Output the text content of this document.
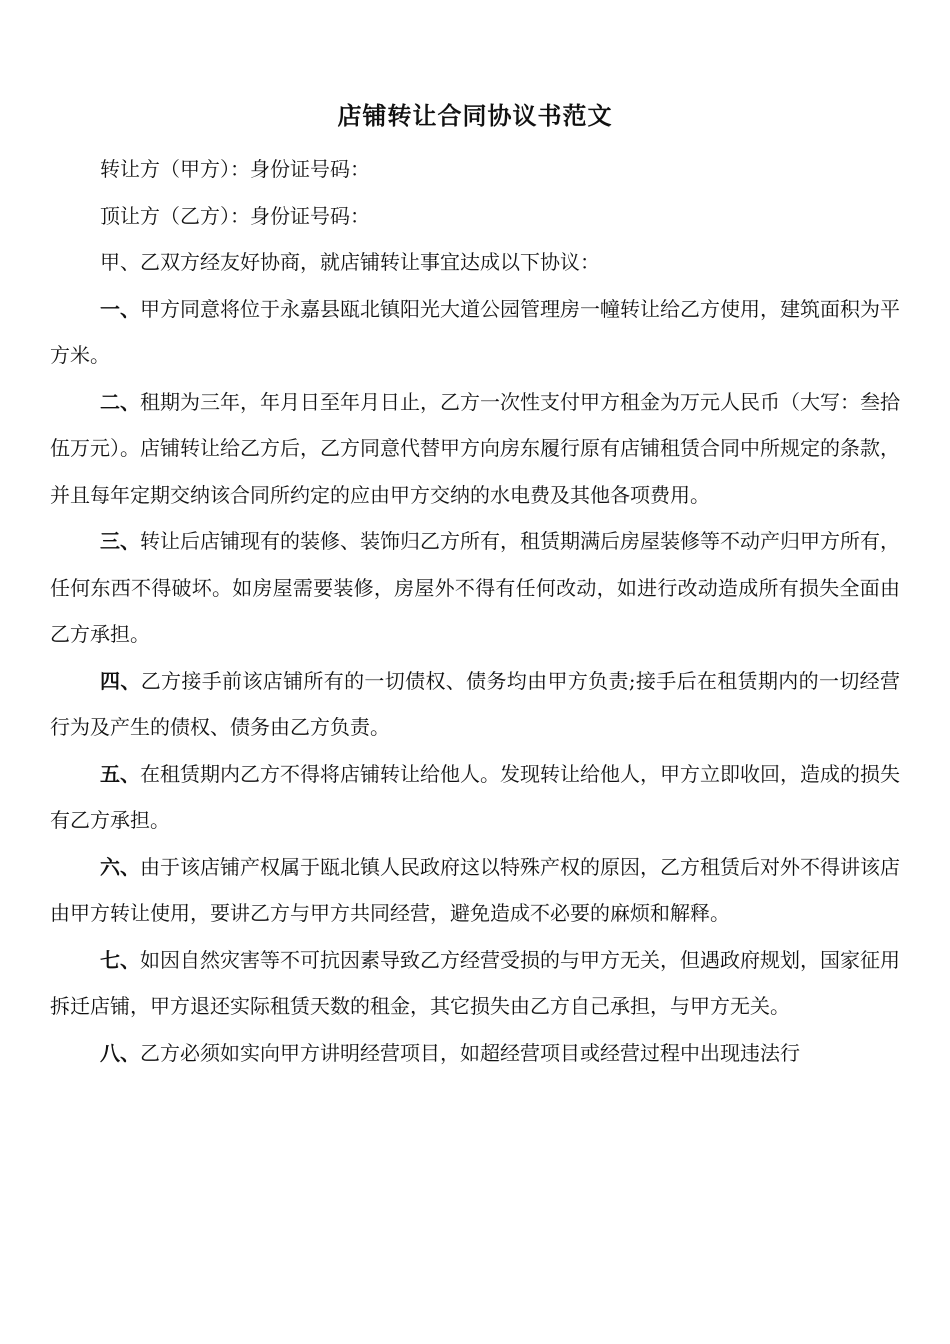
店铺转让合同协议书范文

转让方（甲方）：身份证号码：

顶让方（乙方）：身份证号码：

甲、乙双方经友好协商，就店铺转让事宜达成以下协议：

一、甲方同意将位于永嘉县瓯北镇阳光大道公园管理房一幢转让给乙方使用，建筑面积为平方米。

二、租期为三年，年月日至年月日止，乙方一次性支付甲方租金为万元人民币（大写：叁拾伍万元）。店铺转让给乙方后，乙方同意代替甲方向房东履行原有店铺租赁合同中所规定的条款，并且每年定期交纳该合同所约定的应由甲方交纳的水电费及其他各项费用。

三、转让后店铺现有的装修、装饰归乙方所有，租赁期满后房屋装修等不动产归甲方所有，任何东西不得破坏。如房屋需要装修，房屋外不得有任何改动，如进行改动造成所有损失全面由乙方承担。

四、乙方接手前该店铺所有的一切债权、债务均由甲方负责;接手后在租赁期内的一切经营行为及产生的债权、债务由乙方负责。

五、在租赁期内乙方不得将店铺转让给他人。发现转让给他人，甲方立即收回，造成的损失有乙方承担。

六、由于该店铺产权属于瓯北镇人民政府这以特殊产权的原因，乙方租赁后对外不得讲该店由甲方转让使用，要讲乙方与甲方共同经营，避免造成不必要的麻烦和解释。

七、如因自然灾害等不可抗因素导致乙方经营受损的与甲方无关，但遇政府规划，国家征用拆迁店铺，甲方退还实际租赁天数的租金，其它损失由乙方自己承担，与甲方无关。

八、乙方必须如实向甲方讲明经营项目，如超经营项目或经营过程中出现违法行
